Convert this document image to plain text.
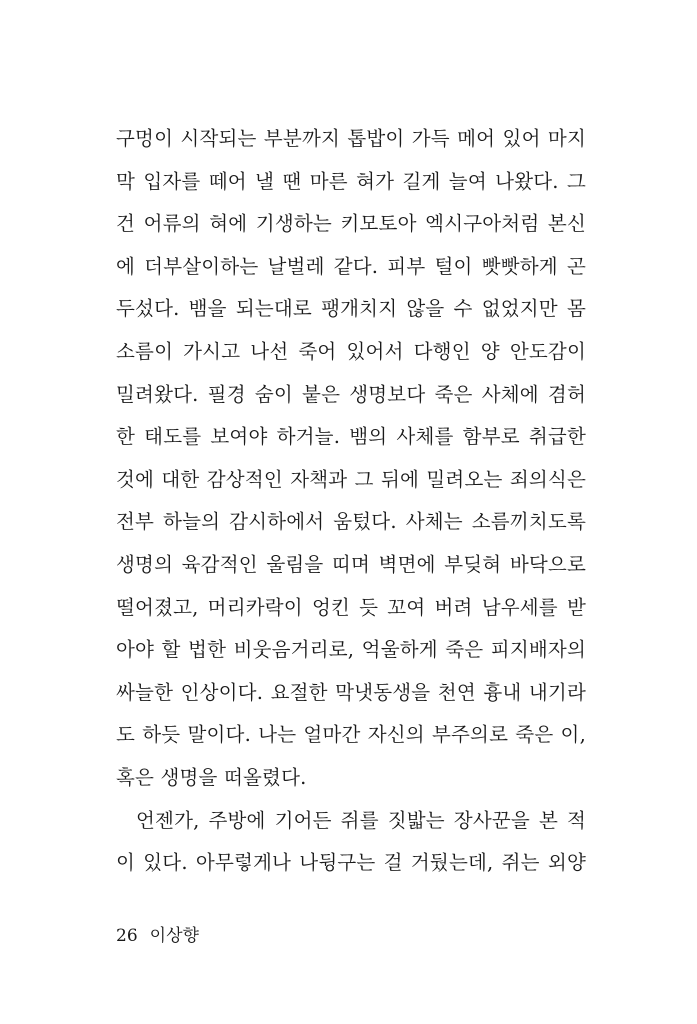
구멍이 시작되는 부분까지 톱밥이 가득 메어 있어 마지
막 입자를 떼어 낼 땐 마른 혀가 길게 늘여 나왔다. 그
건 어류의 혀에 기생하는 키모토아 엑시구아처럼 본신
에 더부살이하는 날벌레 같다. 피부 털이 빳빳하게 곤
두섰다. 뱀을 되는대로 팽개치지 않을 수 없었지만 몸
소름이 가시고 나선 죽어 있어서 다행인 양 안도감이
밀려왔다. 필경 숨이 붙은 생명보다 죽은 사체에 겸허
한 태도를 보여야 하거늘. 뱀의 사체를 함부로 취급한
것에 대한 감상적인 자책과 그 뒤에 밀려오는 죄의식은
전부 하늘의 감시하에서 움텄다. 사체는 소름끼치도록
생명의 육감적인 울림을 띠며 벽면에 부딪혀 바닥으로
떨어졌고, 머리카락이 엉킨 듯 꼬여 버려 남우세를 받
아야 할 법한 비웃음거리로, 억울하게 죽은 피지배자의
싸늘한 인상이다. 요절한 막냇동생을 천연 흉내 내기라
도 하듯 말이다. 나는 얼마간 자신의 부주의로 죽은 이,
혹은 생명을 떠올렸다.
언젠가, 주방에 기어든 쥐를 짓밟는 장사꾼을 본 적
이 있다. 아무렇게나 나뒹구는 걸 거뒀는데, 쥐는 외양
26 이상향
